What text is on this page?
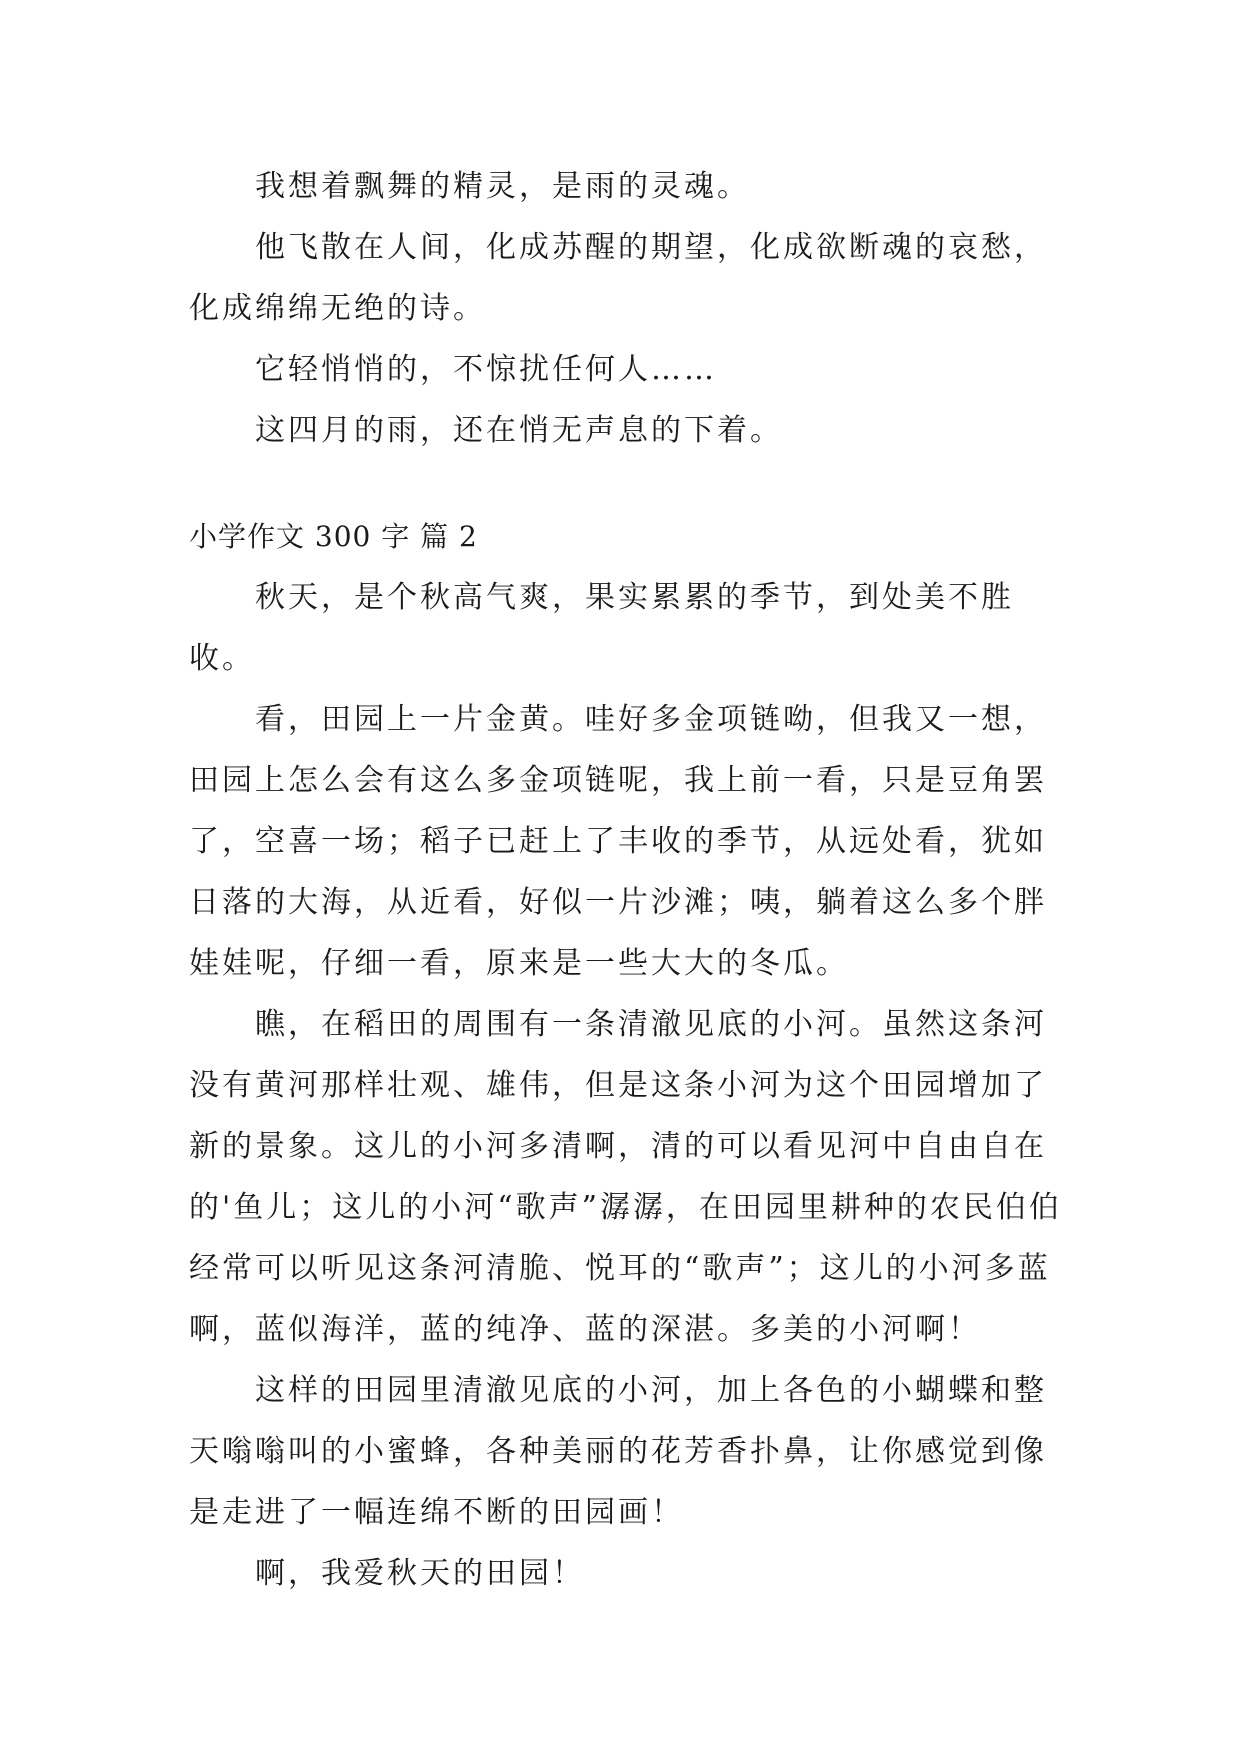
我想着飘舞的精灵，是雨的灵魂。

他飞散在人间，化成苏醒的期望，化成欲断魂的哀愁，化成绵绵无绝的诗。

它轻悄悄的，不惊扰任何人……

这四月的雨，还在悄无声息的下着。

小学作文 300 字 篇 2

秋天，是个秋高气爽，果实累累的季节，到处美不胜收。

看，田园上一片金黄。哇好多金项链呦，但我又一想，田园上怎么会有这么多金项链呢，我上前一看，只是豆角罢了，空喜一场；稻子已赶上了丰收的季节，从远处看，犹如日落的大海，从近看，好似一片沙滩；咦，躺着这么多个胖娃娃呢，仔细一看，原来是一些大大的冬瓜。

瞧，在稻田的周围有一条清澈见底的小河。虽然这条河没有黄河那样壮观、雄伟，但是这条小河为这个田园增加了新的景象。这儿的小河多清啊，清的可以看见河中自由自在的'鱼儿；这儿的小河“歌声”潺潺，在田园里耕种的农民伯伯经常可以听见这条河清脆、悦耳的“歌声”；这儿的小河多蓝啊，蓝似海洋，蓝的纯净、蓝的深湛。多美的小河啊！

这样的田园里清澈见底的小河，加上各色的小蝴蝶和整天嗡嗡叫的小蜜蜂，各种美丽的花芳香扑鼻，让你感觉到像是走进了一幅连绵不断的田园画！

啊，我爱秋天的田园！
